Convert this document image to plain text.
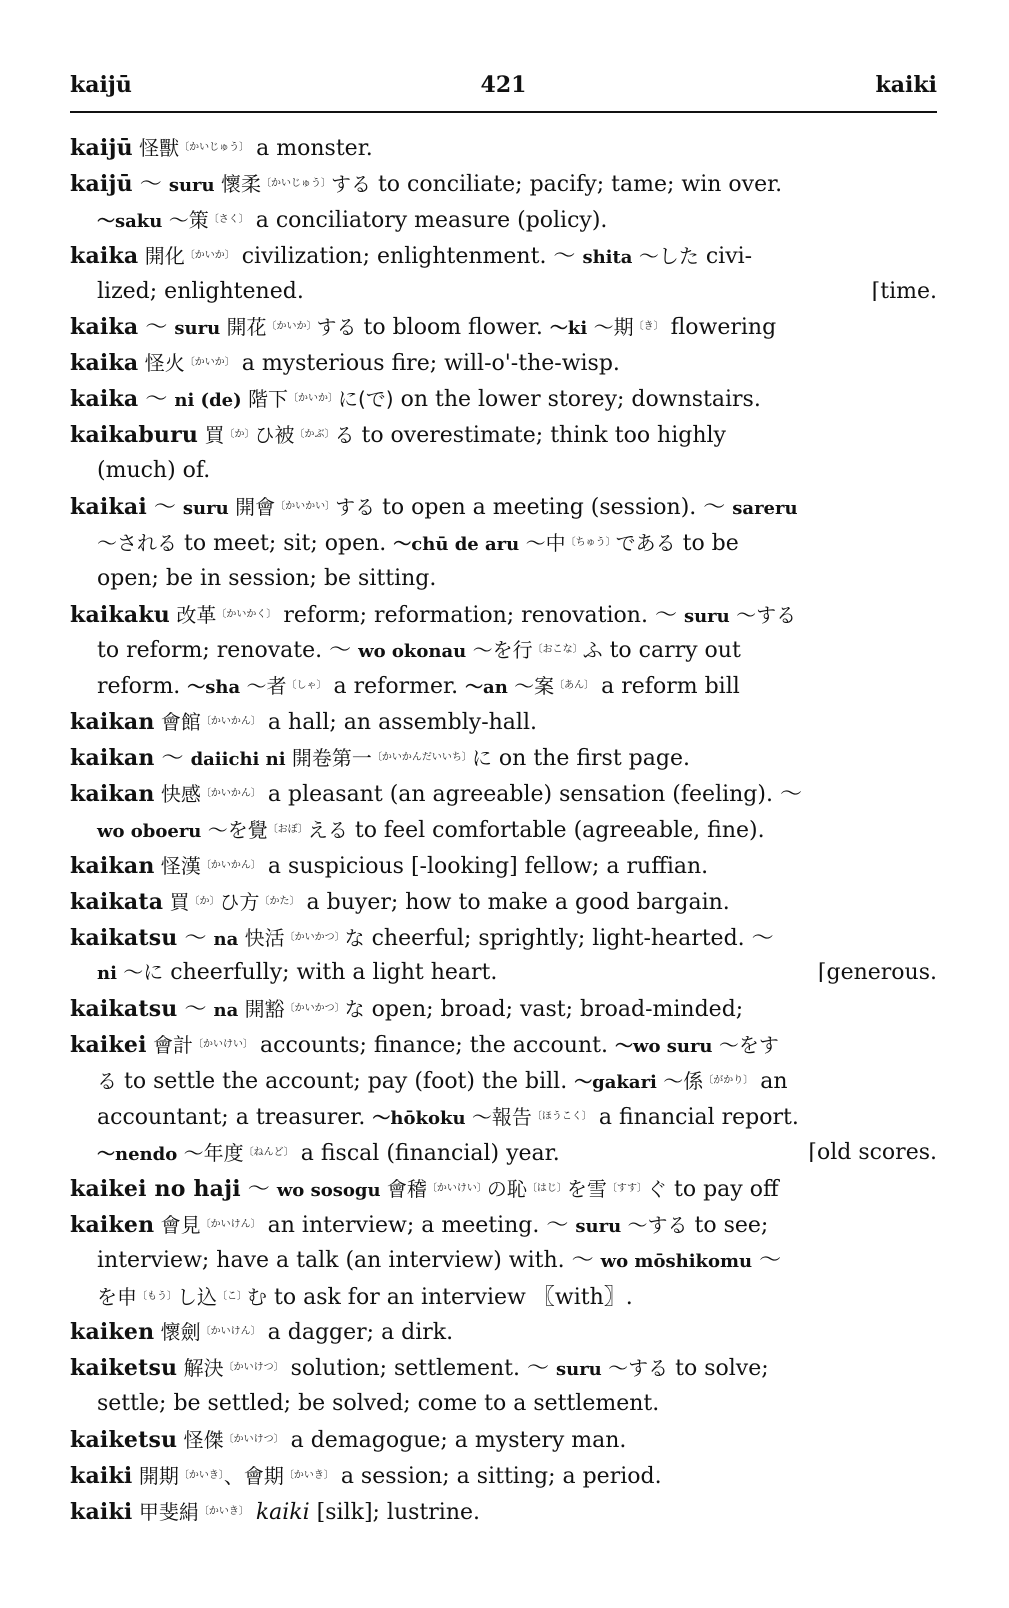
kaijū	421	kaiki
kaijū 怪獸$^{〔かいじゅう〕}$ a monster.
kaijū ～ suru 懷柔$^{〔かいじゅう〕}$する to conciliate; pacify; tame; win over.
～saku ～策$^{〔さく〕}$ a conciliatory measure (policy).
kaika 開化$^{〔かいか〕}$ civilization; enlightenment. ～ shita ～した civi-
lized; enlightened.	⌈time.
kaika ～ suru 開花$^{〔かいか〕}$する to bloom flower. ～ki ～期$^{〔き〕}$ flowering
kaika 怪火$^{〔かいか〕}$ a mysterious fire; will-o'-the-wisp.
kaika ～ ni (de) 階下$^{〔かいか〕}$に(で) on the lower storey; downstairs.
kaikaburu 買$^{〔か〕}$ひ被$^{〔かぶ〕}$る to overestimate; think too highly
(much) of.
kaikai ～ suru 開會$^{〔かいかい〕}$する to open a meeting (session). ～ sareru
～される to meet; sit; open. ～chū de aru ～中$^{〔ちゅう〕}$である to be
open; be in session; be sitting.
kaikaku 改革$^{〔かいかく〕}$ reform; reformation; renovation. ～ suru ～する
to reform; renovate. ～ wo okonau ～を行$^{〔おこな〕}$ふ to carry out
reform. ～sha ～者$^{〔しゃ〕}$ a reformer. ～an ～案$^{〔あん〕}$ a reform bill
kaikan 會館$^{〔かいかん〕}$ a hall; an assembly-hall.
kaikan ～ daiichi ni 開卷第一$^{〔かいかんだいいち〕}$に on the first page.
kaikan 快感$^{〔かいかん〕}$ a pleasant (an agreeable) sensation (feeling). ～
wo oboeru ～を覺$^{〔おぼ〕}$える to feel comfortable (agreeable, fine).
kaikan 怪漢$^{〔かいかん〕}$ a suspicious [-looking] fellow; a ruffian.
kaikata 買$^{〔か〕}$ひ方$^{〔かた〕}$ a buyer; how to make a good bargain.
kaikatsu ～ na 快活$^{〔かいかつ〕}$な cheerful; sprightly; light-hearted. ～
ni ～に cheerfully; with a light heart.	⌈generous.
kaikatsu ～ na 開豁$^{〔かいかつ〕}$な open; broad; vast; broad-minded;
kaikei 會計$^{〔かいけい〕}$ accounts; finance; the account. ～wo suru ～をす
る to settle the account; pay (foot) the bill. ～gakari ～係$^{〔がかり〕}$ an
accountant; a treasurer. ～hōkoku ～報告$^{〔ほうこく〕}$ a financial report.
～nendo ～年度$^{〔ねんど〕}$ a fiscal (financial) year.	⌈old scores.
kaikei no haji ～ wo sosogu 會稽$^{〔かいけい〕}$の恥$^{〔はじ〕}$を雪$^{〔すす〕}$ぐ to pay off
kaiken 會見$^{〔かいけん〕}$ an interview; a meeting. ～ suru ～する to see;
interview; have a talk (an interview) with. ～ wo mōshikomu ～
を申$^{〔もう〕}$し込$^{〔こ〕}$む to ask for an interview 〖with〗.
kaiken 懷劍$^{〔かいけん〕}$ a dagger; a dirk.
kaiketsu 解決$^{〔かいけつ〕}$ solution; settlement. ～ suru ～する to solve;
settle; be settled; be solved; come to a settlement.
kaiketsu 怪傑$^{〔かいけつ〕}$ a demagogue; a mystery man.
kaiki 開期$^{〔かいき〕}$、會期$^{〔かいき〕}$ a session; a sitting; a period.
kaiki 甲斐絹$^{〔かいき〕}$ kaiki [silk]; lustrine.
